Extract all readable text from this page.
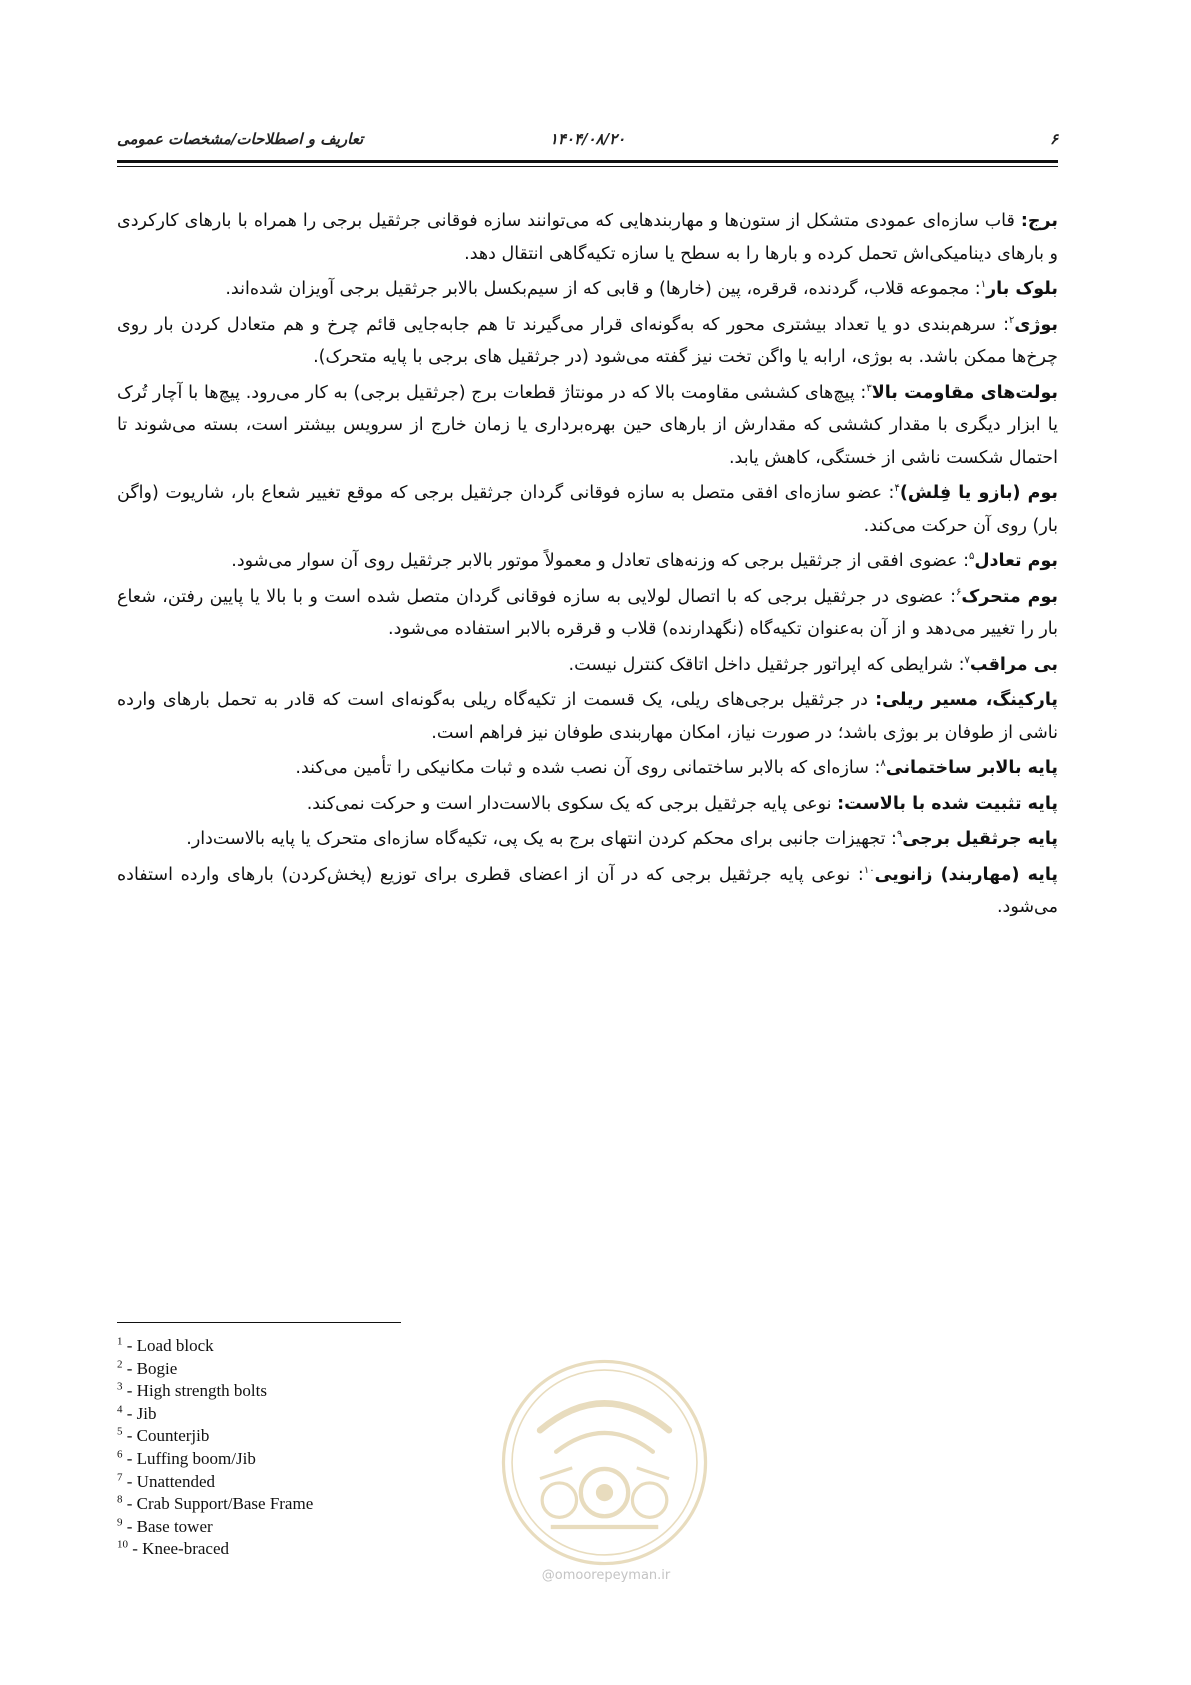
۶
۱۴۰۴/۰۸/۲۰
تعاریف و اصطلاحات/مشخصات عمومی

برج: قاب سازه‌ای عمودی متشکل از ستون‌ها و مهاربندهایی که می‌توانند سازه فوقانی جرثقیل برجی را همراه با بارهای کارکردی و بارهای دینامیکی‌اش تحمل کرده و بارها را به سطح یا سازه تکیه‌گاهی انتقال دهد.

بلوک بار$^۱$: مجموعه قلاب، گردنده، قرقره، پین (خارها) و قابی که از سیم‌بکسل بالابر جرثقیل برجی آویزان شده‌اند.

بوژی$^۲$: سرهم‌بندی دو یا تعداد بیشتری محور که به‌گونه‌ای قرار می‌گیرند تا هم جابه‌جایی قائم چرخ و هم متعادل کردن بار روی چرخ‌ها ممکن باشد. به بوژی، ارابه یا واگن تخت نیز گفته می‌شود (در جرثقیل های برجی با پایه متحرک).

بولت‌های مقاومت بالا$^۳$: پیچ‌های کششی مقاومت بالا که در مونتاژ قطعات برج (جرثقیل برجی) به کار می‌رود. پیچ‌ها با آچار تُرک یا ابزار دیگری با مقدار کششی که مقدارش از بارهای حین بهره‌برداری یا زمان خارج از سرویس بیشتر است، بسته می‌شوند تا احتمال شکست ناشی از خستگی، کاهش یابد.

بوم (بازو یا فِلش)$^۴$: عضو سازه‌ای افقی متصل به سازه فوقانی گردان جرثقیل برجی که موقع تغییر شعاع بار، شاریوت (واگن بار) روی آن حرکت می‌کند.

بوم تعادل$^۵$: عضوی افقی از جرثقیل برجی که وزنه‌های تعادل و معمولاً موتور بالابر جرثقیل روی آن سوار می‌شود.

بوم متحرک$^۶$: عضوی در جرثقیل برجی که با اتصال لولایی به سازه فوقانی گردان متصل شده است و با بالا یا پایین رفتن، شعاع بار را تغییر می‌دهد و از آن به‌عنوان تکیه‌گاه (نگهدارنده) قلاب و قرقره بالابر استفاده می‌شود.

بی مراقب$^۷$: شرایطی که اپراتور جرثقیل داخل اتاقک کنترل نیست.

پارکینگ، مسیر ریلی: در جرثقیل برجی‌های ریلی، یک قسمت از تکیه‌گاه ریلی به‌گونه‌ای است که قادر به تحمل بارهای وارده ناشی از طوفان بر بوژی باشد؛ در صورت نیاز، امکان مهاربندی طوفان نیز فراهم است.

پایه بالابر ساختمانی$^۸$: سازه‌ای که بالابر ساختمانی روی آن نصب شده و ثبات مکانیکی را تأمین می‌کند.

پایه تثبیت شده با بالاست: نوعی پایه جرثقیل برجی که یک سکوی بالاست‌دار است و حرکت نمی‌کند.

پایه جرثقیل برجی$^۹$: تجهیزات جانبی برای محکم کردن انتهای برج به یک پی، تکیه‌گاه سازه‌ای متحرک یا پایه بالاست‌دار.

پایه (مهاربند) زانویی$^{۱۰}$: نوعی پایه جرثقیل برجی که در آن از اعضای قطری برای توزیع (پخش‌کردن) بارهای وارده استفاده می‌شود.

$^1$ - Load block
$^2$ - Bogie
$^3$ - High strength bolts
$^4$ - Jib
$^5$ - Counterjib
$^6$ - Luffing boom/Jib
$^7$ - Unattended
$^8$ - Crab Support/Base Frame
$^9$ - Base tower
$^{10}$ - Knee-braced
@omoorepeyman.ir
